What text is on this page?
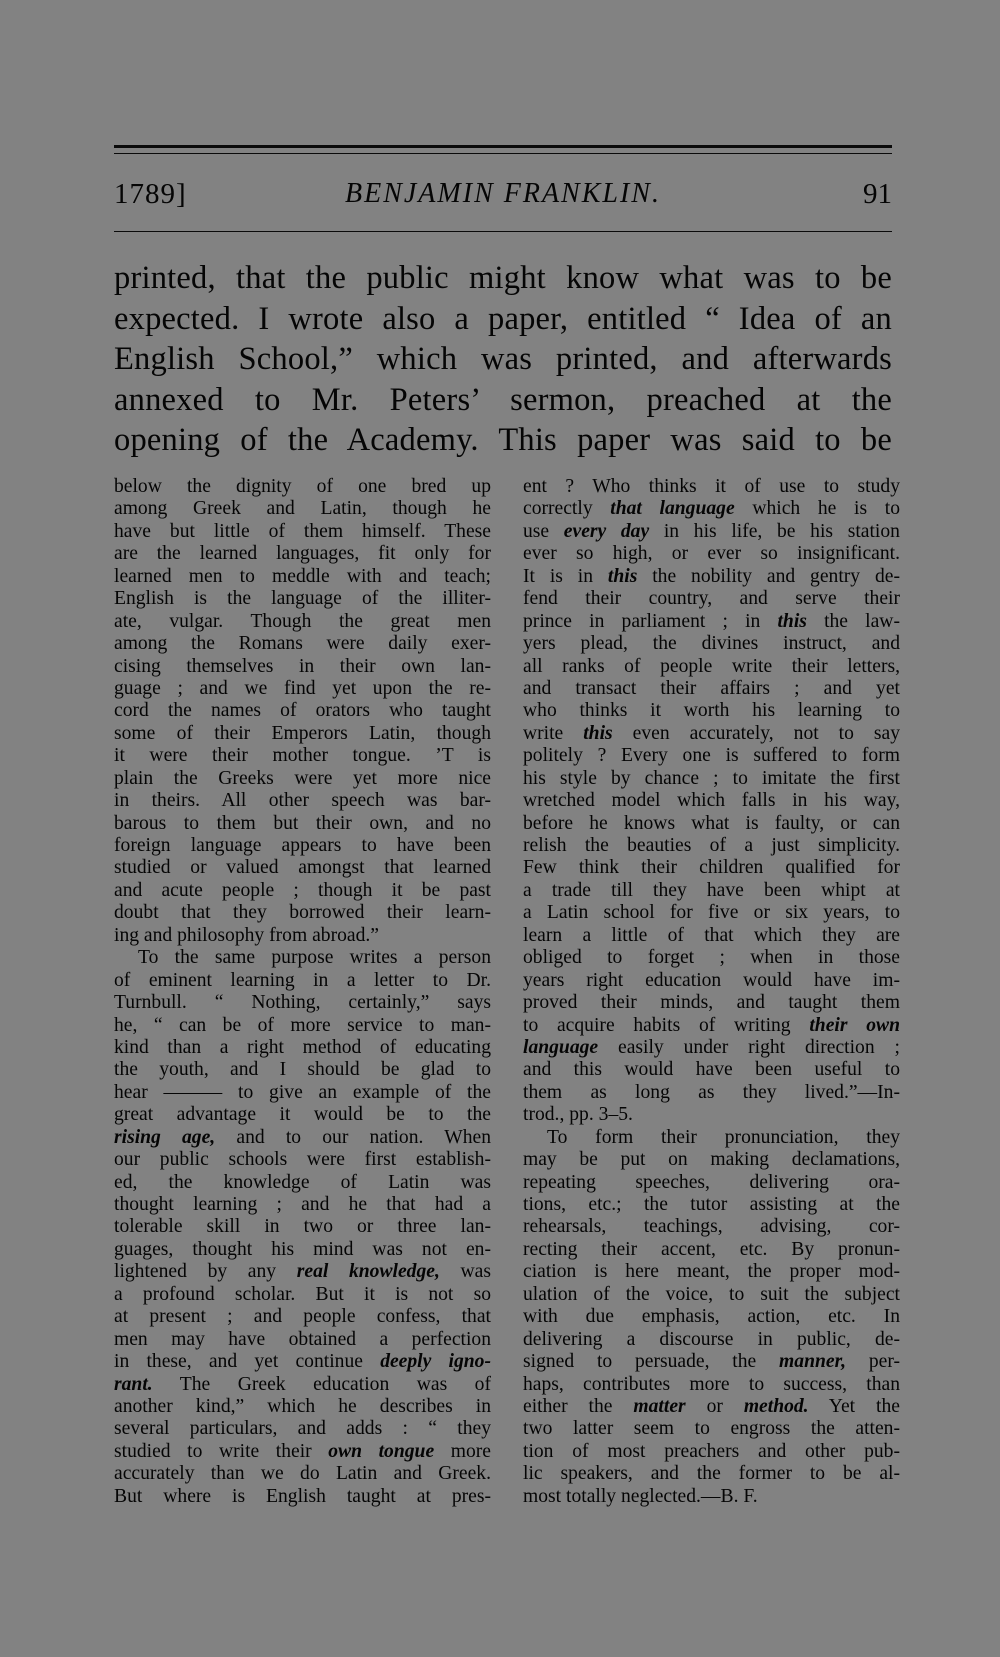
1789]	BENJAMIN FRANKLIN.	91
printed, that the public might know what was to be
expected. I wrote also a paper, entitled “ Idea of an
English School,” which was printed, and afterwards
annexed to Mr. Peters’ sermon, preached at the
opening of the Academy. This paper was said to be
below the dignity of one bred up
among Greek and Latin, though he
have but little of them himself. These
are the learned languages, fit only for
learned men to meddle with and teach;
English is the language of the illiter-
ate, vulgar. Though the great men
among the Romans were daily exer-
cising themselves in their own lan-
guage ; and we find yet upon the re-
cord the names of orators who taught
some of their Emperors Latin, though
it were their mother tongue. ’T is
plain the Greeks were yet more nice
in theirs. All other speech was bar-
barous to them but their own, and no
foreign language appears to have been
studied or valued amongst that learned
and acute people ; though it be past
doubt that they borrowed their learn-
ing and philosophy from abroad.”
To the same purpose writes a person
of eminent learning in a letter to Dr.
Turnbull. “ Nothing, certainly,” says
he, “ can be of more service to man-
kind than a right method of educating
the youth, and I should be glad to
hear ——— to give an example of the
great advantage it would be to the
rising age, and to our nation. When
our public schools were first establish-
ed, the knowledge of Latin was
thought learning ; and he that had a
tolerable skill in two or three lan-
guages, thought his mind was not en-
lightened by any real knowledge, was
a profound scholar. But it is not so
at present ; and people confess, that
men may have obtained a perfection
in these, and yet continue deeply igno-
rant. The Greek education was of
another kind,” which he describes in
several particulars, and adds : “ they
studied to write their own tongue more
accurately than we do Latin and Greek.
But where is English taught at pres-
ent ? Who thinks it of use to study
correctly that language which he is to
use every day in his life, be his station
ever so high, or ever so insignificant.
It is in this the nobility and gentry de-
fend their country, and serve their
prince in parliament ; in this the law-
yers plead, the divines instruct, and
all ranks of people write their letters,
and transact their affairs ; and yet
who thinks it worth his learning to
write this even accurately, not to say
politely ? Every one is suffered to form
his style by chance ; to imitate the first
wretched model which falls in his way,
before he knows what is faulty, or can
relish the beauties of a just simplicity.
Few think their children qualified for
a trade till they have been whipt at
a Latin school for five or six years, to
learn a little of that which they are
obliged to forget ; when in those
years right education would have im-
proved their minds, and taught them
to acquire habits of writing their own
language easily under right direction ;
and this would have been useful to
them as long as they lived.”—In-
trod., pp. 3–5.
To form their pronunciation, they
may be put on making declamations,
repeating speeches, delivering ora-
tions, etc.; the tutor assisting at the
rehearsals, teachings, advising, cor-
recting their accent, etc. By pronun-
ciation is here meant, the proper mod-
ulation of the voice, to suit the subject
with due emphasis, action, etc. In
delivering a discourse in public, de-
signed to persuade, the manner, per-
haps, contributes more to success, than
either the matter or method. Yet the
two latter seem to engross the atten-
tion of most preachers and other pub-
lic speakers, and the former to be al-
most totally neglected.—B. F.
